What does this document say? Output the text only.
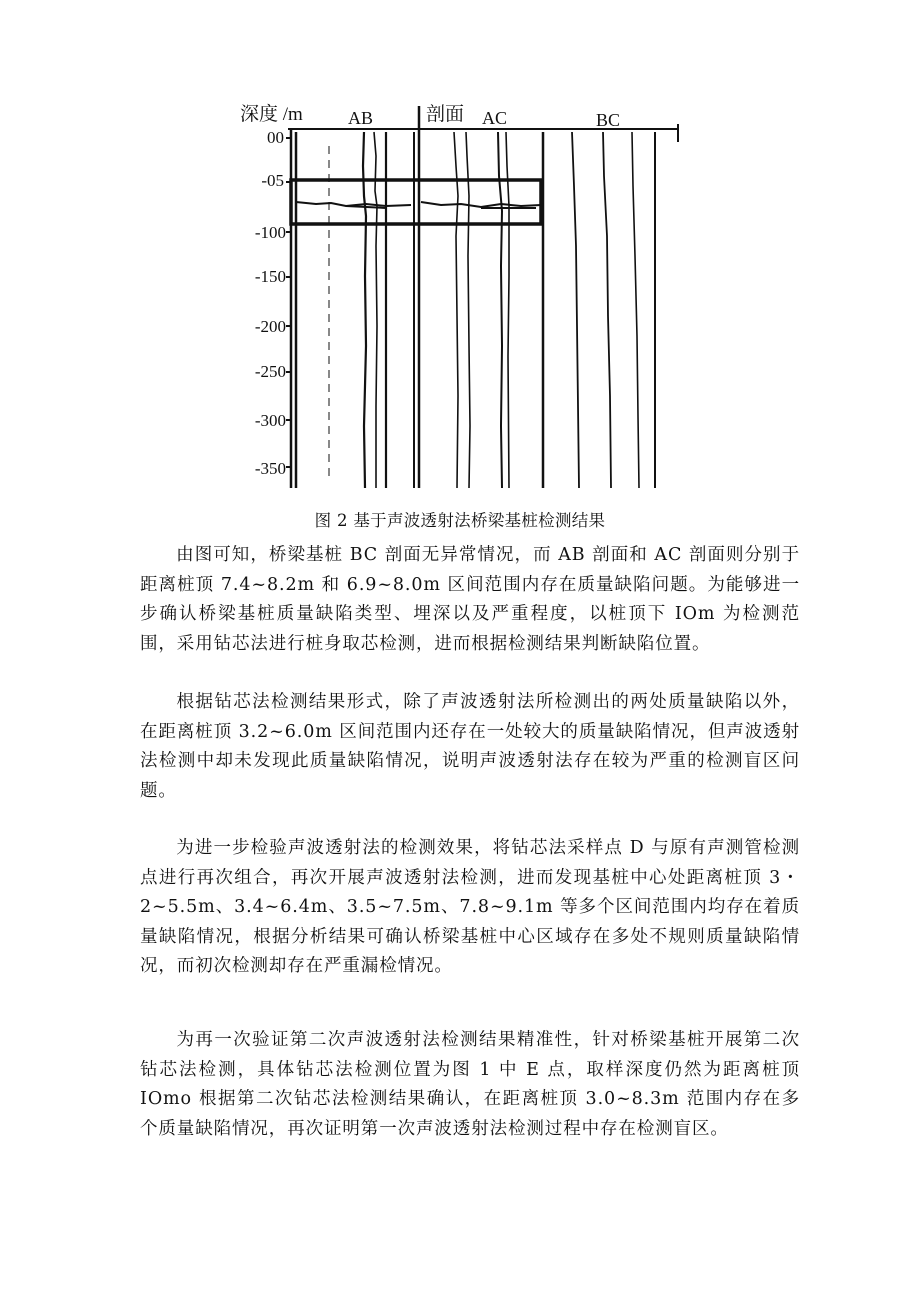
深度 /m	AB	剖面 AC	BC
00
-05
-100
-150
-200
-250
-300
-350
图 2 基于声波透射法桥梁基桩检测结果

由图可知，桥梁基桩 BC 剖面无异常情况，而 AB 剖面和 AC 剖面则分别于距离桩顶 7.4~8.2m 和 6.9~8.0m 区间范围内存在质量缺陷问题。为能够进一步确认桥梁基桩质量缺陷类型、埋深以及严重程度，以桩顶下 IOm 为检测范围，采用钻芯法进行桩身取芯检测，进而根据检测结果判断缺陷位置。

根据钻芯法检测结果形式，除了声波透射法所检测出的两处质量缺陷以外，在距离桩顶 3.2~6.0m 区间范围内还存在一处较大的质量缺陷情况，但声波透射法检测中却未发现此质量缺陷情况，说明声波透射法存在较为严重的检测盲区问题。

为进一步检验声波透射法的检测效果，将钻芯法采样点 D 与原有声测管检测点进行再次组合，再次开展声波透射法检测，进而发现基桩中心处距离桩顶 3・2~5.5m、3.4~6.4m、3.5~7.5m、7.8~9.1m 等多个区间范围内均存在着质量缺陷情况，根据分析结果可确认桥梁基桩中心区域存在多处不规则质量缺陷情况，而初次检测却存在严重漏检情况。

为再一次验证第二次声波透射法检测结果精准性，针对桥梁基桩开展第二次钻芯法检测，具体钻芯法检测位置为图 1 中 E 点，取样深度仍然为距离桩顶 IOmo 根据第二次钻芯法检测结果确认，在距离桩顶 3.0~8.3m 范围内存在多个质量缺陷情况，再次证明第一次声波透射法检测过程中存在检测盲区。
